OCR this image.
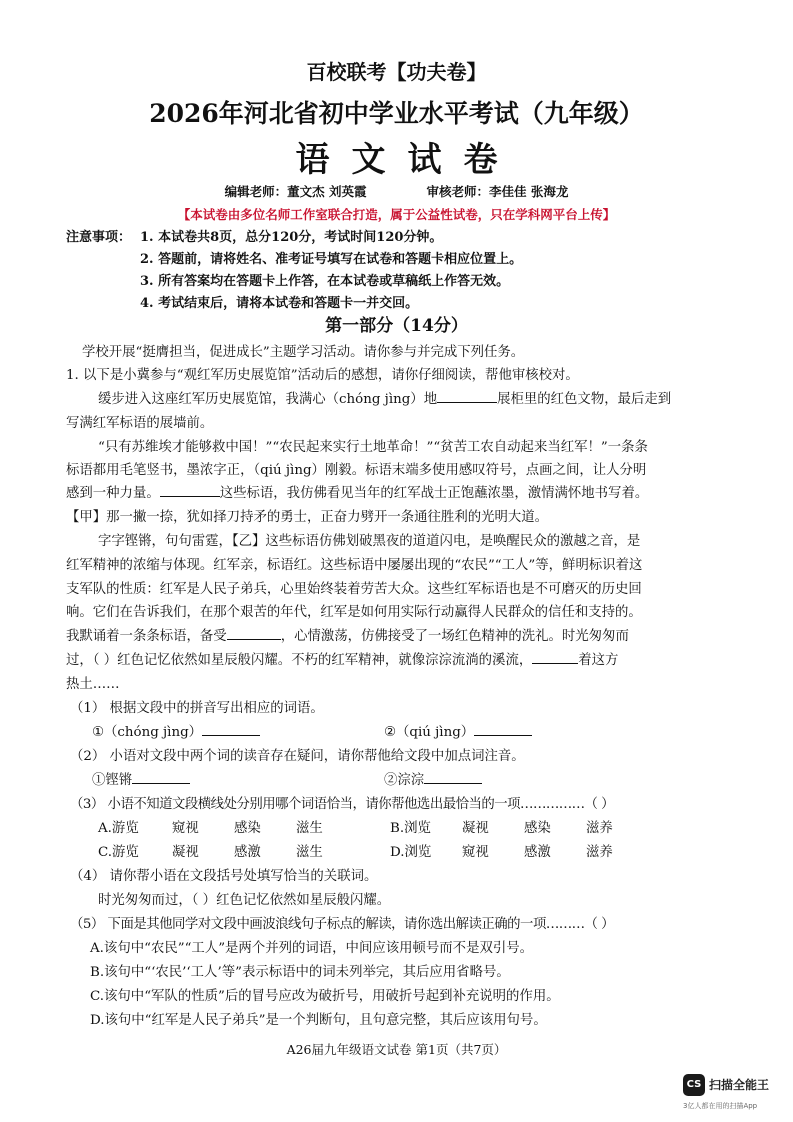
百校联考【功夫卷】
2026年河北省初中学业水平考试（九年级）
语文试卷
编辑老师：董文杰 刘英霞	审核老师：李佳佳 张海龙
【本试卷由多位名师工作室联合打造，属于公益性试卷，只在学科网平台上传】
注意事项： 1. 本试卷共8页，总分120分，考试时间120分钟。
2. 答题前，请将姓名、准考证号填写在试卷和答题卡相应位置上。
3. 所有答案均在答题卡上作答，在本试卷或草稿纸上作答无效。
4. 考试结束后，请将本试卷和答题卡一并交回。
第一部分（14分）
学校开展“挺膺担当，促进成长”主题学习活动。请你参与并完成下列任务。
1. 以下是小冀参与“观红军历史展览馆”活动后的感想，请你仔细阅读，帮他审核校对。
缓步进入这座红军历史展览馆，我满心（chóng jìng）地	展柜里的红色文物，最后走到
写满红军标语的展墙前。
“只有苏维埃才能够救中国！”“农民起来实行土地革命！”“贫苦工农自动起来当红军！”一条条
标语都用毛笔竖书，墨浓字正，（qiú jìng）刚毅。标语末端多使用感叹符号，点画之间，让人分明
感到一种力量。	这些标语，我仿佛看见当年的红军战士正饱蘸浓墨，激情满怀地书写着。
【甲】那一撇一捺，犹如择刀持矛的勇士，正奋力劈开一条通往胜利的光明大道。
字字铿锵，句句雷霆，【乙】这些标语仿佛划破黑夜的道道闪电，是唤醒民众的激越之音，是
红军精神的浓缩与体现。红军亲，标语红。这些标语中屡屡出现的“农民”“工人”等，鲜明标识着这
支军队的性质：红军是人民子弟兵，心里始终装着劳苦大众。这些红军标语也是不可磨灭的历史回
响。它们在告诉我们，在那个艰苦的年代，红军是如何用实际行动赢得人民群众的信任和支持的。
我默诵着一条条标语，备受	，心情激荡，仿佛接受了一场红色精神的洗礼。时光匆匆而
过，（ ）红色记忆依然如星辰般闪耀。不朽的红军精神，就像淙淙流淌的溪流，	着这方
热土……
（1） 根据文段中的拼音写出相应的词语。
①（chóng jìng）	②（qiú jìng）
（2） 小语对文段中两个词的读音存在疑问，请你帮他给文段中加点词注音。
①铿锵	②淙淙
（3） 小语不知道文段横线处分别用哪个词语恰当，请你帮他选出最恰当的一项……………（ ）
A.游览 窥视	感染	滋生	B.浏览 凝视	感染	滋养
C.游览 凝视	感激	滋生	D.浏览 窥视	感激	滋养
（4） 请你帮小语在文段括号处填写恰当的关联词。
时光匆匆而过，（ ）红色记忆依然如星辰般闪耀。
（5） 下面是其他同学对文段中画波浪线句子标点的解读，请你选出解读正确的一项………（ ）
A.该句中“农民”“工人”是两个并列的词语，中间应该用顿号而不是双引号。
B.该句中“‘农民’‘工人’等”表示标语中的词未列举完，其后应用省略号。
C.该句中“军队的性质”后的冒号应改为破折号，用破折号起到补充说明的作用。
D.该句中“红军是人民子弟兵”是一个判断句，且句意完整，其后应该用句号。
A26届九年级语文试卷 第1页（共7页）
CS 扫描全能王
3亿人都在用的扫描App
